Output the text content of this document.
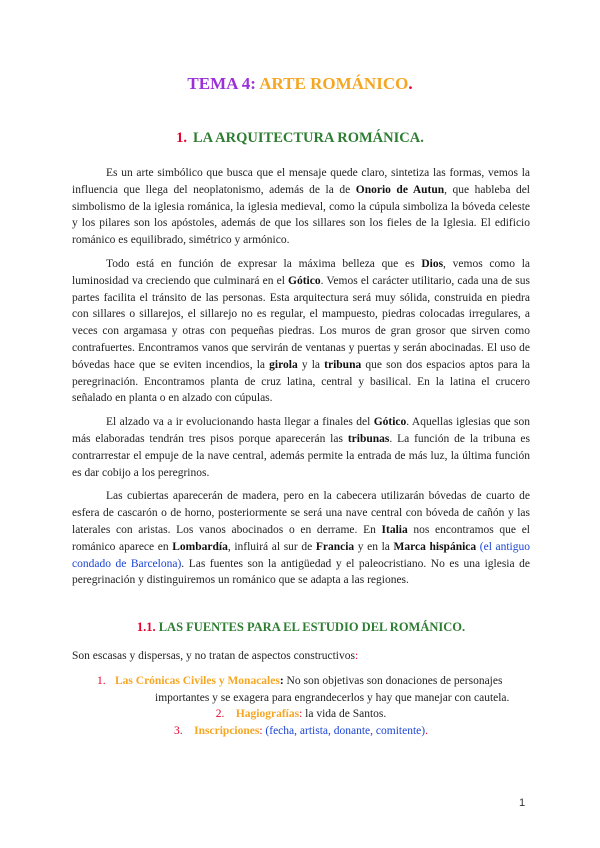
TEMA 4: ARTE ROMÁNICO.
1. LA ARQUITECTURA ROMÁNICA.

Es un arte simbólico que busca que el mensaje quede claro, sintetiza las formas, vemos la influencia que llega del neoplatonismo, además de la de Onorio de Autun, que hableba del simbolismo de la iglesia románica, la iglesia medieval, como la cúpula simboliza la bóveda celeste y los pilares son los apóstoles, además de que los sillares son los fieles de la Iglesia. El edificio románico es equilibrado, simétrico y armónico.

Todo está en función de expresar la máxima belleza que es Dios, vemos como la luminosidad va creciendo que culminará en el Gótico. Vemos el carácter utilitario, cada una de sus partes facilita el tránsito de las personas. Esta arquitectura será muy sólida, construida en piedra con sillares o sillarejos, el sillarejo no es regular, el mampuesto, piedras colocadas irregulares, a veces con argamasa y otras con pequeñas piedras. Los muros de gran grosor que sirven como contrafuertes. Encontramos vanos que servirán de ventanas y puertas y serán abocinadas. El uso de bóvedas hace que se eviten incendios, la girola y la tribuna que son dos espacios aptos para la peregrinación. Encontramos planta de cruz latina, central y basilical. En la latina el crucero señalado en planta o en alzado con cúpulas.

El alzado va a ir evolucionando hasta llegar a finales del Gótico. Aquellas iglesias que son más elaboradas tendrán tres pisos porque aparecerán las tribunas. La función de la tribuna es contrarrestar el empuje de la nave central, además permite la entrada de más luz, la última función es dar cobijo a los peregrinos.

Las cubiertas aparecerán de madera, pero en la cabecera utilizarán bóvedas de cuarto de esfera de cascarón o de horno, posteriormente se será una nave central con bóveda de cañón y las laterales con aristas. Los vanos abocinados o en derrame. En Italia nos encontramos que el románico aparece en Lombardía, influirá al sur de Francia y en la Marca hispánica (el antiguo condado de Barcelona). Las fuentes son la antigüedad y el paleocristiano. No es una iglesia de peregrinación y distinguiremos un románico que se adapta a las regiones.

1.1. LAS FUENTES PARA EL ESTUDIO DEL ROMÁNICO.

Son escasas y dispersas, y no tratan de aspectos constructivos:

1. Las Crónicas Civiles y Monacales: No son objetivas son donaciones de personajes
importantes y se exagera para engrandecerlos y hay que manejar con cautela.
2. Hagiografías: la vida de Santos.
3. Inscripciones: (fecha, artista, donante, comitente).
1
